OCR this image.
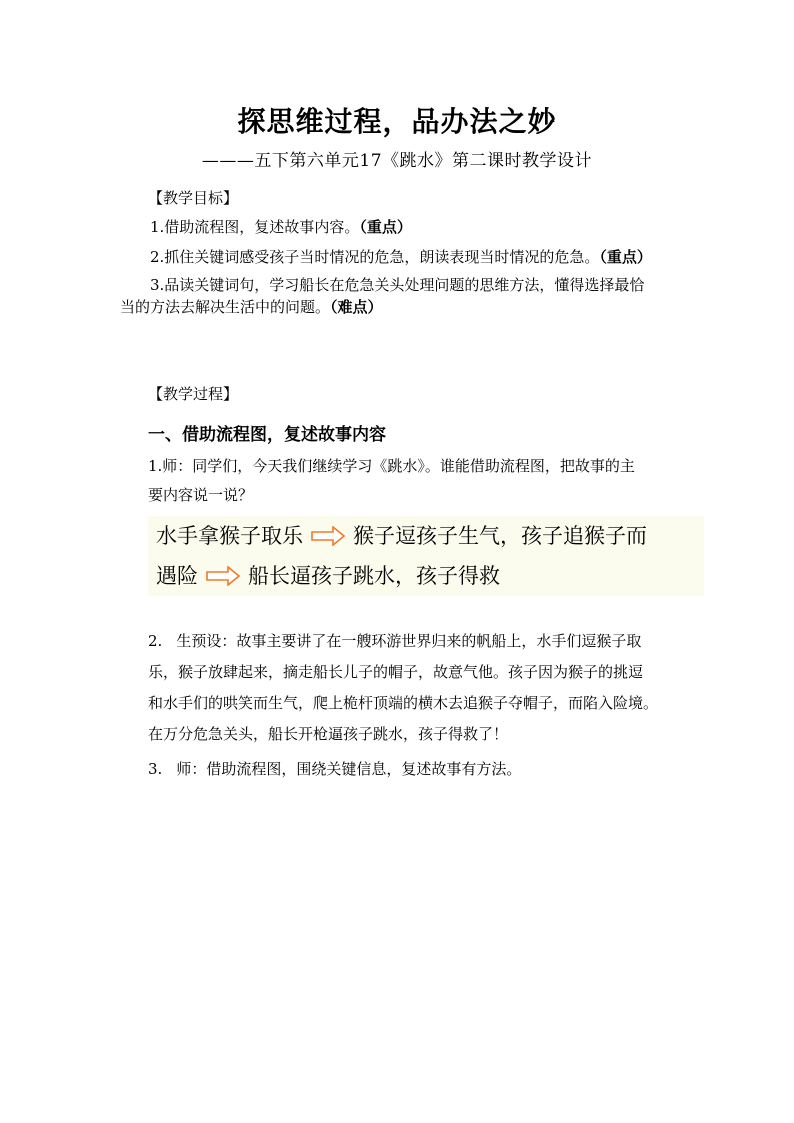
探思维过程，品办法之妙
———五下第六单元17《跳水》第二课时教学设计
【教学目标】
1.借助流程图，复述故事内容。（重点）
2.抓住关键词感受孩子当时情况的危急，朗读表现当时情况的危急。（重点）
3.品读关键词句，学习船长在危急关头处理问题的思维方法，懂得选择最恰
当的方法去解决生活中的问题。（难点）
【教学过程】
一、借助流程图，复述故事内容
1.师：同学们，今天我们继续学习《跳水》。谁能借助流程图，把故事的主
要内容说一说？
水手拿猴子取乐 猴子逗孩子生气，孩子追猴子而
遇险 船长逼孩子跳水，孩子得救
2. 生预设：故事主要讲了在一艘环游世界归来的帆船上，水手们逗猴子取
乐，猴子放肆起来，摘走船长儿子的帽子，故意气他。孩子因为猴子的挑逗
和水手们的哄笑而生气，爬上桅杆顶端的横木去追猴子夺帽子，而陷入险境。
在万分危急关头，船长开枪逼孩子跳水，孩子得救了！
3. 师：借助流程图，围绕关键信息，复述故事有方法。
